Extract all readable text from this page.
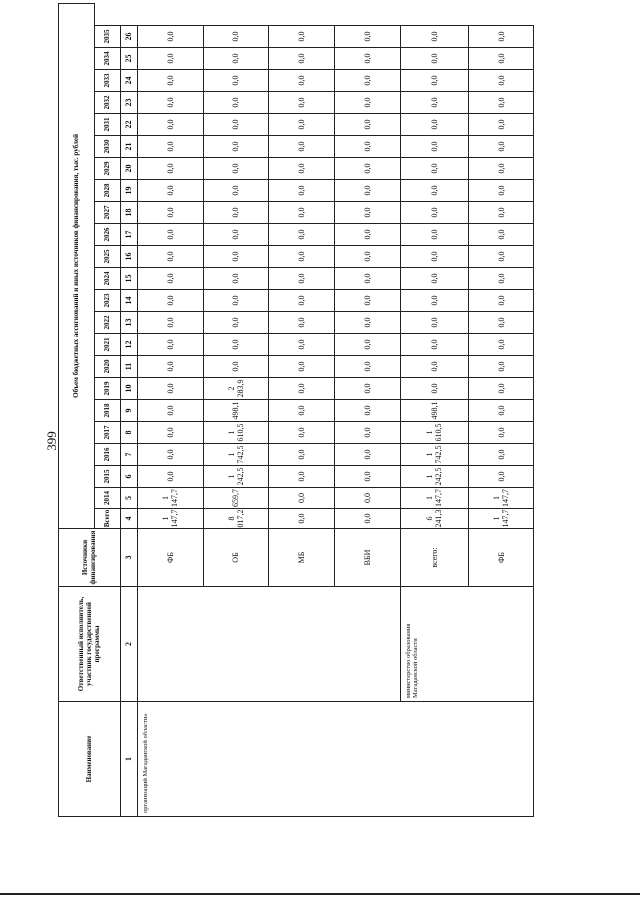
399
Наименование	Ответственный исполнитель, участник государственной программы	Источники финансирования	Объем бюджетных ассигнований и иных источников финансирования, тыс. рублей																						
			Всего	2014	2015	2016	2017	2018	2019	2020	2021	2022	2023	2024	2025	2026	2027	2028	2029	2030	2031	2032	2033	2034	2035
1	2	3	4	5	6	7	8	9	10	11	12	13	14	15	16	17	18	19	20	21	22	23	24	25	26
организаций Магаданской области»		ФБ	1 147,7	1 147,7	0,0	0,0	0,0	0,0	0,0	0,0	0,0	0,0	0,0	0,0	0,0	0,0	0,0	0,0	0,0	0,0	0,0	0,0	0,0	0,0	0,0
		ОБ	8 017,2	659,7	1 242,5	1 742,5	1 610,5	498,1	2 283,9	0,0	0,0	0,0	0,0	0,0	0,0	0,0	0,0	0,0	0,0	0,0	0,0	0,0	0,0	0,0	0,0
		МБ	0,0	0,0	0,0	0,0	0,0	0,0	0,0	0,0	0,0	0,0	0,0	0,0	0,0	0,0	0,0	0,0	0,0	0,0	0,0	0,0	0,0	0,0	0,0
		ВБИ	0,0	0,0	0,0	0,0	0,0	0,0	0,0	0,0	0,0	0,0	0,0	0,0	0,0	0,0	0,0	0,0	0,0	0,0	0,0	0,0	0,0	0,0	0,0
	министерство образования Магаданской области	всего:	6 241,3	1 147,7	1 242,5	1 742,5	1 610,5	498,1	0,0	0,0	0,0	0,0	0,0	0,0	0,0	0,0	0,0	0,0	0,0	0,0	0,0	0,0	0,0	0,0	0,0
		ФБ	1 147,7	1 147,7	0,0	0,0	0,0	0,0	0,0	0,0	0,0	0,0	0,0	0,0	0,0	0,0	0,0	0,0	0,0	0,0	0,0	0,0	0,0	0,0	0,0
